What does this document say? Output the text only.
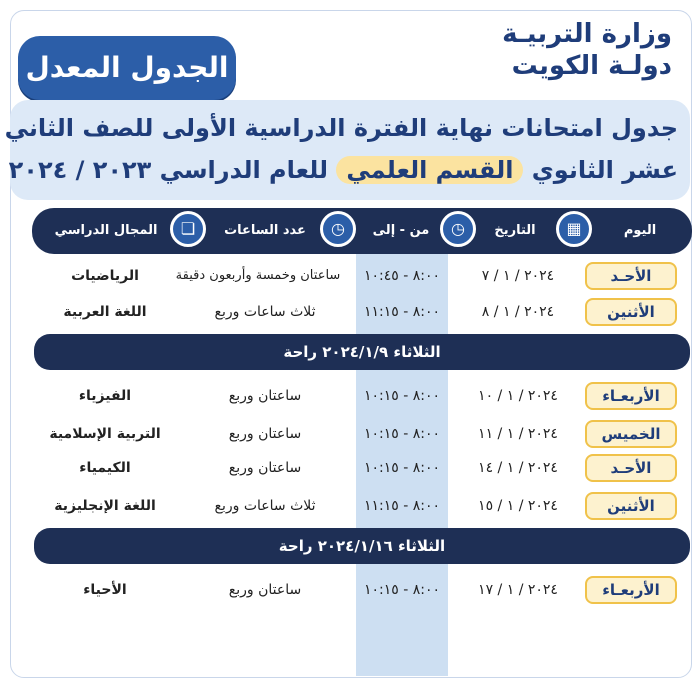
وزارة التربيـة
دولـة الكويت
الجدول المعدل
جدول امتحانات نهاية الفترة الدراسية الأولى للصف الثاني
عشر الثانوي القسم العلمي للعام الدراسي ٢٠٢٣ / ٢٠٢٤
اليوم
▦
التاريخ
◷
من - إلى
◷
عدد الساعات
❏
المجال الدراسي
الأحـد
٢٠٢٤ / ١ / ٧
٨:٠٠ - ١٠:٤٥
ساعتان وخمسة وأربعون دقيقة
الرياضيات
الأثنين
٢٠٢٤ / ١ / ٨
٨:٠٠ - ١١:١٥
ثلاث ساعات وربع
اللغة العربية
الثلاثاء ٢٠٢٤/١/٩ راحة
الأربعـاء
٢٠٢٤ / ١ / ١٠
٨:٠٠ - ١٠:١٥
ساعتان وربع
الفيزياء
الخميس
٢٠٢٤ / ١ / ١١
٨:٠٠ - ١٠:١٥
ساعتان وربع
التربية الإسلامية
الأحـد
٢٠٢٤ / ١ / ١٤
٨:٠٠ - ١٠:١٥
ساعتان وربع
الكيمياء
الأثنين
٢٠٢٤ / ١ / ١٥
٨:٠٠ - ١١:١٥
ثلاث ساعات وربع
اللغة الإنجليزية
الثلاثاء ٢٠٢٤/١/١٦ راحة
الأربعـاء
٢٠٢٤ / ١ / ١٧
٨:٠٠ - ١٠:١٥
ساعتان وربع
الأحياء
